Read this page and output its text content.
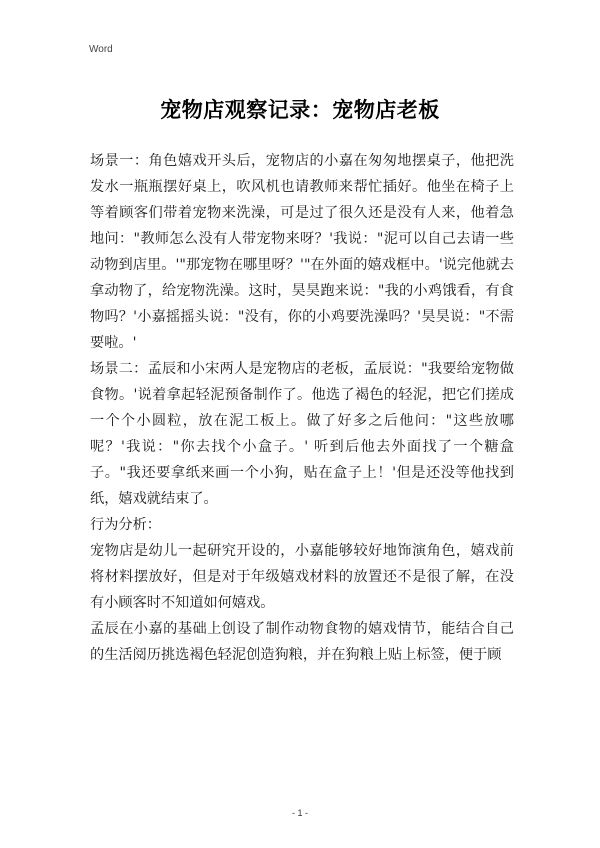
Word
宠物店观察记录：宠物店老板

场景一：角色嬉戏开头后，宠物店的小嘉在匆匆地摆桌子，他把洗发水一瓶瓶摆好桌上，吹风机也请教师来帮忙插好。他坐在椅子上等着顾客们带着宠物来洗澡，可是过了很久还是没有人来，他着急地问："教师怎么没有人带宠物来呀？'我说："泥可以自己去请一些动物到店里。'"那宠物在哪里呀？'"在外面的嬉戏框中。'说完他就去拿动物了，给宠物洗澡。这时，昊昊跑来说："我的小鸡饿看，有食物吗？'小嘉摇摇头说："没有，你的小鸡要洗澡吗？'昊昊说："不需要啦。'

场景二：孟辰和小宋两人是宠物店的老板，孟辰说："我要给宠物做食物。'说着拿起轻泥预备制作了。他选了褐色的轻泥，把它们搓成一个个小圆粒，放在泥工板上。做了好多之后他问："这些放哪呢？'我说："你去找个小盒子。' 听到后他去外面找了一个糖盒子。"我还要拿纸来画一个小狗，贴在盒子上！'但是还没等他找到纸，嬉戏就结束了。

行为分析：

宠物店是幼儿一起研究开设的，小嘉能够较好地饰演角色，嬉戏前将材料摆放好，但是对于年级嬉戏材料的放置还不是很了解，在没有小顾客时不知道如何嬉戏。

孟辰在小嘉的基础上创设了制作动物食物的嬉戏情节，能结合自己的生活阅历挑选褐色轻泥创造狗粮，并在狗粮上贴上标签，便于顾

- 1 -
